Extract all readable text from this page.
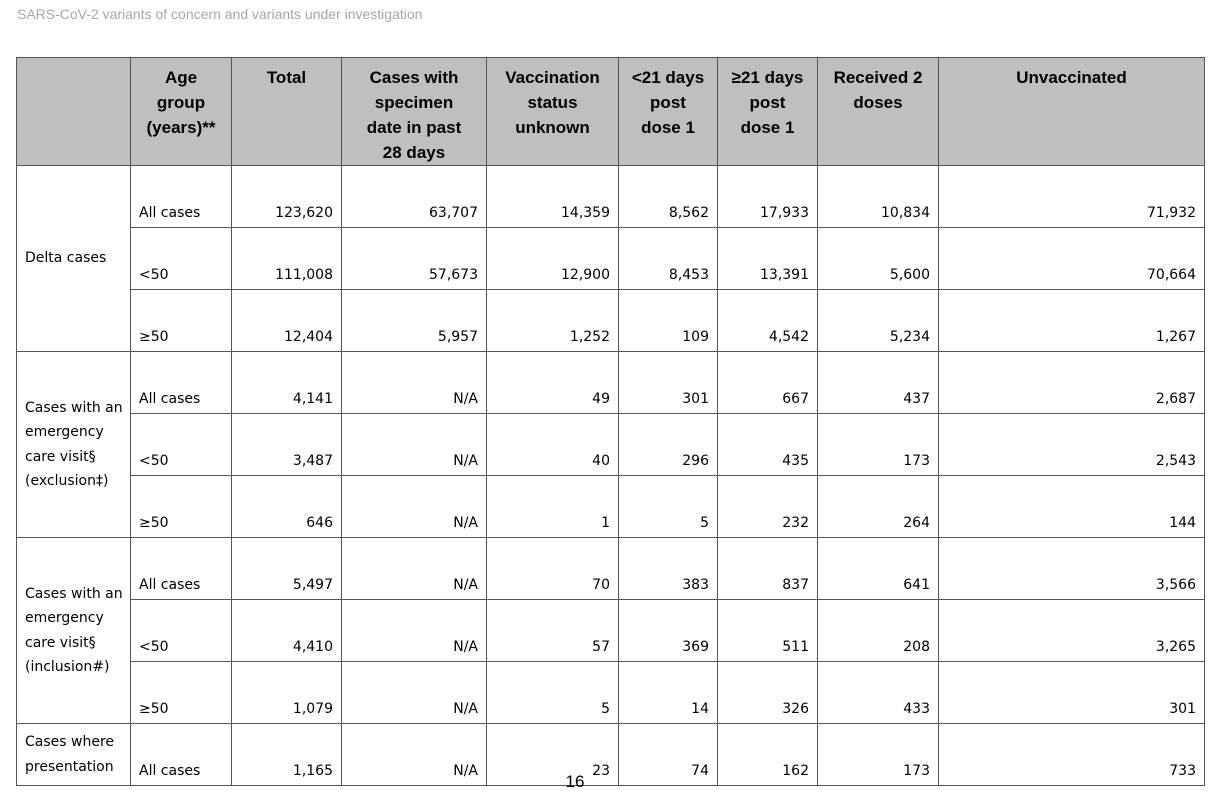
SARS-CoV-2 variants of concern and variants under investigation
	Age
group
(years)**	Total	Cases with
specimen
date in past
28 days	Vaccination
status
unknown	<21 days
post
dose 1	≥21 days
post
dose 1	Received 2
doses	Unvaccinated
Delta cases	All cases	123,620	63,707	14,359	8,562	17,933	10,834	71,932
	<50	111,008	57,673	12,900	8,453	13,391	5,600	70,664
	≥50	12,404	5,957	1,252	109	4,542	5,234	1,267
Cases with an
emergency
care visit§
(exclusion‡)	All cases	4,141	N/A	49	301	667	437	2,687
	<50	3,487	N/A	40	296	435	173	2,543
	≥50	646	N/A	1	5	232	264	144
Cases with an
emergency
care visit§
(inclusion#)	All cases	5,497	N/A	70	383	837	641	3,566
	<50	4,410	N/A	57	369	511	208	3,265
	≥50	1,079	N/A	5	14	326	433	301
Cases where
presentation	All cases	1,165	N/A	23	74	162	173	733
16
